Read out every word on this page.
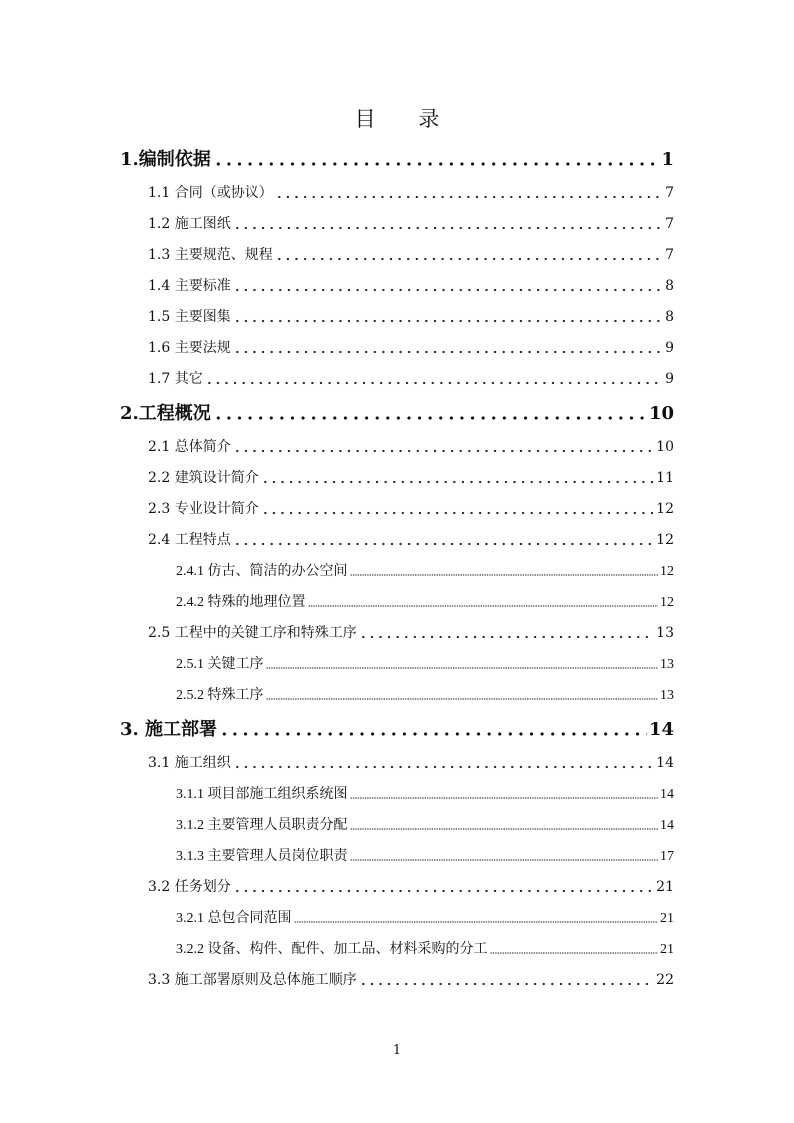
目 录
1.编制依据	1
1.1 合同（或协议）	7
1.2 施工图纸	7
1.3 主要规范、规程	7
1.4 主要标准	8
1.5 主要图集	8
1.6 主要法规	9
1.7 其它	9
2.工程概况	10
2.1 总体简介	10
2.2 建筑设计简介	11
2.3 专业设计简介	12
2.4 工程特点	12
2.4.1 仿古、简洁的办公空间	12
2.4.2 特殊的地理位置	12
2.5 工程中的关键工序和特殊工序	13
2.5.1 关键工序	13
2.5.2 特殊工序	13
3. 施工部署	14
3.1 施工组织	14
3.1.1 项目部施工组织系统图	14
3.1.2 主要管理人员职责分配	14
3.1.3 主要管理人员岗位职责	17
3.2 任务划分	21
3.2.1 总包合同范围	21
3.2.2 设备、构件、配件、加工品、材料采购的分工	21
3.3 施工部署原则及总体施工顺序	22
1
